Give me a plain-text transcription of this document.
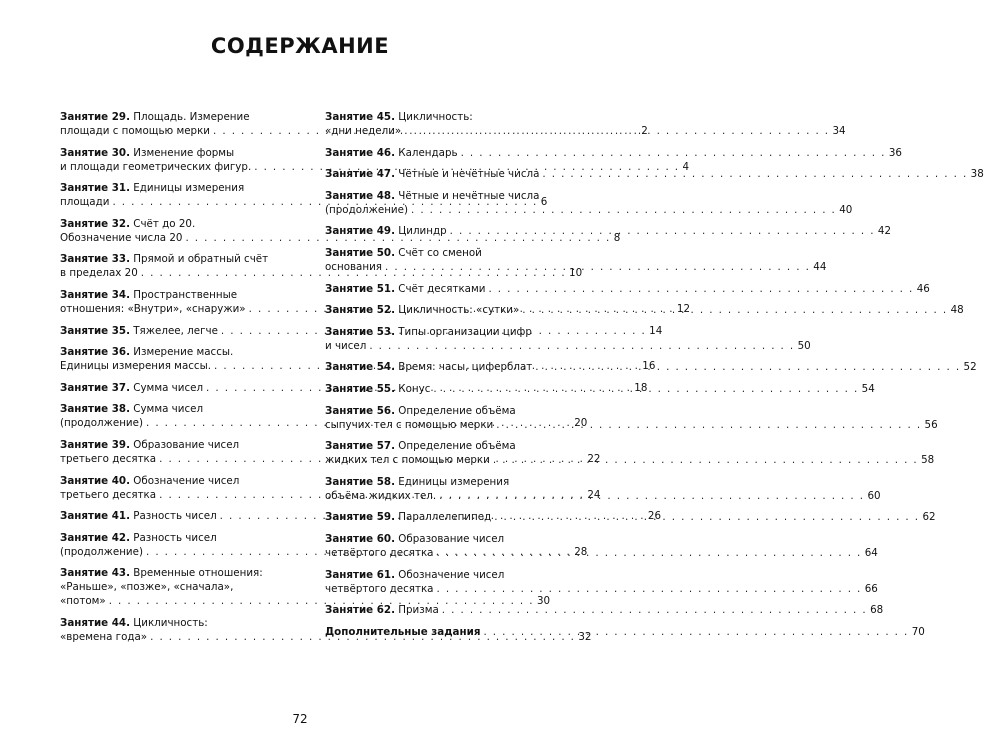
СОДЕРЖАНИЕ
Занятие 29. Площадь. Измерение
площади с помощью мерки . . .	2
Занятие 30. Изменение формы
и площади геометрических фигур. . . .	4
Занятие 31. Единицы измерения
площади . . .	6
Занятие 32. Счёт до 20.
Обозначение числа 20 . . .	8
Занятие 33. Прямой и обратный счёт
в пределах 20 . . .	10
Занятие 34. Пространственные
отношения: «Внутри», «снаружи» . . .	12
Занятие 35. Тяжелее, легче . . .	14
Занятие 36. Измерение массы.
Единицы измерения массы. . . .	16
Занятие 37. Сумма чисел . . .	18
Занятие 38. Сумма чисел
(продолжение) . . .	20
Занятие 39. Образование чисел
третьего десятка . . .	22
Занятие 40. Обозначение чисел
третьего десятка . . .	24
Занятие 41. Разность чисел . . .	26
Занятие 42. Разность чисел
(продолжение) . . .	28
Занятие 43. Временные отношения:
«Раньше», «позже», «сначала»,
«потом» . . .	30
Занятие 44. Цикличность:
«времена года» . . .	32
Занятие 45. Цикличность:
«дни недели» . . .	34
Занятие 46. Календарь . . .	36
Занятие 47. Чётные и нечётные числа . . .	38
Занятие 48. Чётные и нечётные числа
(продолжение) . . .	40
Занятие 49. Цилиндр . . .	42
Занятие 50. Счёт со сменой
основания . . .	44
Занятие 51. Счёт десятками . . .	46
Занятие 52. Цикличность: «сутки» . . .	48
Занятие 53. Типы организации цифр
и чисел . . .	50
Занятие 54. Время: часы, циферблат . . .	52
Занятие 55. Конус . . .	54
Занятие 56. Определение объёма
сыпучих тел с помощью мерки . . .	56
Занятие 57. Определение объёма
жидких тел с помощью мерки . . .	58
Занятие 58. Единицы измерения
объёма жидких тел. . . .	60
Занятие 59. Параллелепипед . . .	62
Занятие 60. Образование чисел
четвёртого десятка . . .	64
Занятие 61. Обозначение чисел
четвёртого десятка . . .	66
Занятие 62. Призма . . .	68
Дополнительные задания . . .	70
72
